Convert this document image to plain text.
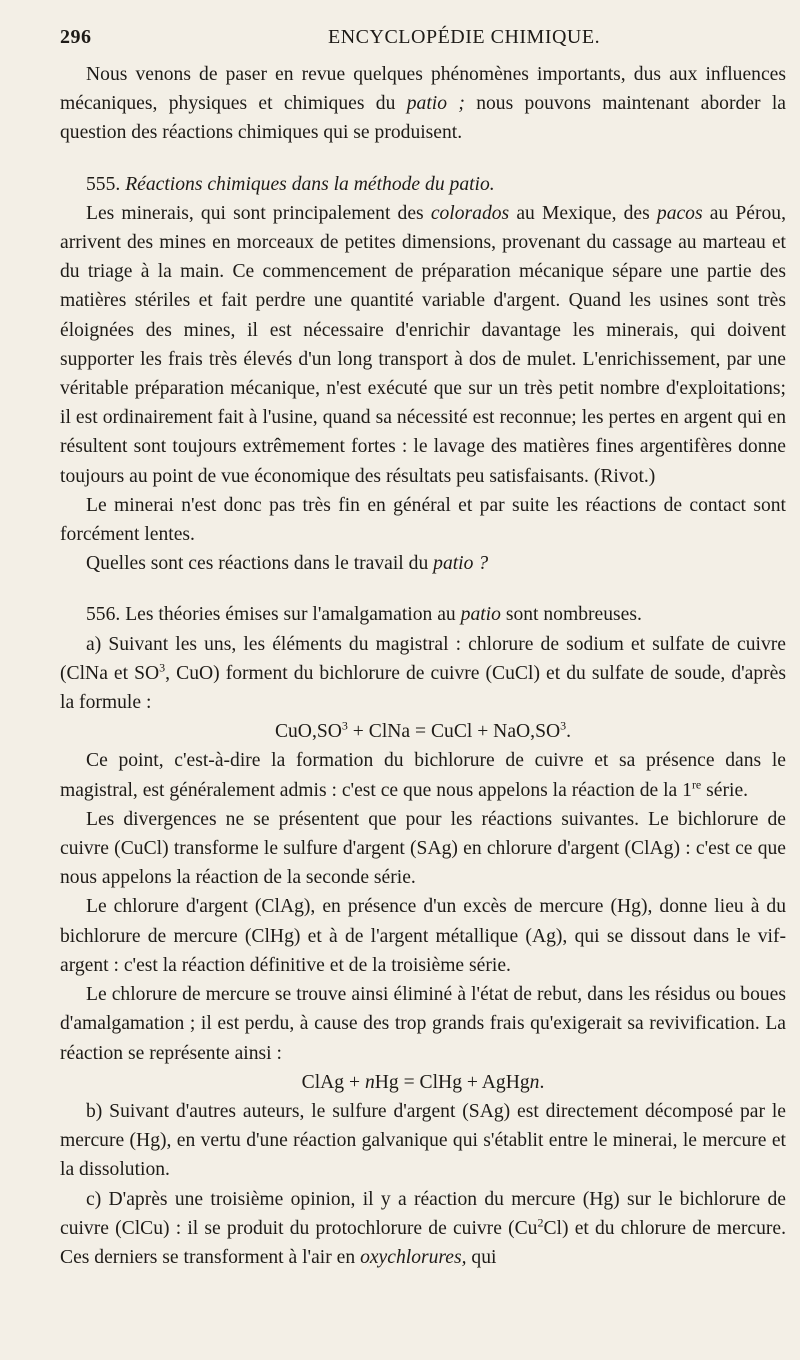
296	ENCYCLOPÉDIE CHIMIQUE.

Nous venons de paser en revue quelques phénomènes importants, dus aux influences mécaniques, physiques et chimiques du patio ; nous pouvons maintenant aborder la question des réactions chimiques qui se produisent.

555. Réactions chimiques dans la méthode du patio.

Les minerais, qui sont principalement des colorados au Mexique, des pacos au Pérou, arrivent des mines en morceaux de petites dimensions, provenant du cassage au marteau et du triage à la main. Ce commencement de préparation mécanique sépare une partie des matières stériles et fait perdre une quantité variable d'argent. Quand les usines sont très éloignées des mines, il est nécessaire d'enrichir davantage les minerais, qui doivent supporter les frais très élevés d'un long transport à dos de mulet. L'enrichissement, par une véritable préparation mécanique, n'est exécuté que sur un très petit nombre d'exploitations; il est ordinairement fait à l'usine, quand sa nécessité est reconnue; les pertes en argent qui en résultent sont toujours extrêmement fortes : le lavage des matières fines argentifères donne toujours au point de vue économique des résultats peu satisfaisants. (Rivot.)

Le minerai n'est donc pas très fin en général et par suite les réactions de contact sont forcément lentes.

Quelles sont ces réactions dans le travail du patio ?

556. Les théories émises sur l'amalgamation au patio sont nombreuses.

a) Suivant les uns, les éléments du magistral : chlorure de sodium et sulfate de cuivre (ClNa et $SO^3$, CuO) forment du bichlorure de cuivre (CuCl) et du sulfate de soude, d'après la formule :

$CuO,SO^3$ + ClNa = CuCl + $NaO,SO^3$.

Ce point, c'est-à-dire la formation du bichlorure de cuivre et sa présence dans le magistral, est généralement admis : c'est ce que nous appelons la réaction de la 1re série.

Les divergences ne se présentent que pour les réactions suivantes. Le bichlorure de cuivre (CuCl) transforme le sulfure d'argent (SAg) en chlorure d'argent (ClAg) : c'est ce que nous appelons la réaction de la seconde série.

Le chlorure d'argent (ClAg), en présence d'un excès de mercure (Hg), donne lieu à du bichlorure de mercure (ClHg) et à de l'argent métallique (Ag), qui se dissout dans le vif-argent : c'est la réaction définitive et de la troisième série.

Le chlorure de mercure se trouve ainsi éliminé à l'état de rebut, dans les résidus ou boues d'amalgamation ; il est perdu, à cause des trop grands frais qu'exigerait sa revivification. La réaction se représente ainsi :

ClAg + nHg = ClHg + AgHgn.

b) Suivant d'autres auteurs, le sulfure d'argent (SAg) est directement décomposé par le mercure (Hg), en vertu d'une réaction galvanique qui s'établit entre le minerai, le mercure et la dissolution.

c) D'après une troisième opinion, il y a réaction du mercure (Hg) sur le bichlorure de cuivre (ClCu) : il se produit du protochlorure de cuivre (Cu$^2$Cl) et du chlorure de mercure. Ces derniers se transforment à l'air en oxychlorures, qui
